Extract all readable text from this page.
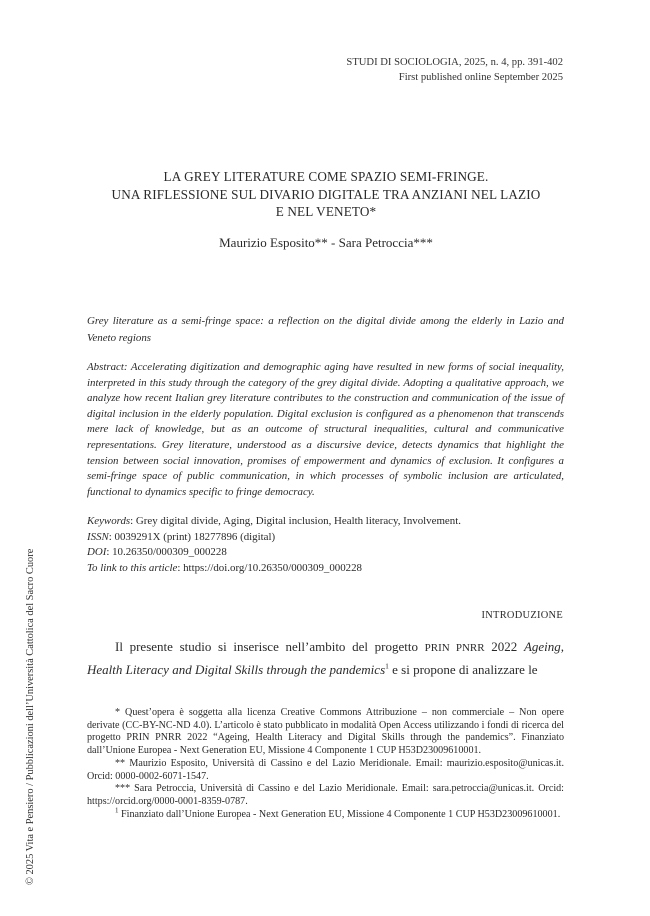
STUDI DI SOCIOLOGIA, 2025, n. 4, pp. 391-402
First published online September 2025
LA GREY LITERATURE COME SPAZIO SEMI-FRINGE.
UNA RIFLESSIONE SUL DIVARIO DIGITALE TRA ANZIANI NEL LAZIO
E NEL VENETO*
Maurizio Esposito** - Sara Petroccia***
Grey literature as a semi-fringe space: a reflection on the digital divide among the elderly in Lazio and Veneto regions
Abstract: Accelerating digitization and demographic aging have resulted in new forms of social inequality, interpreted in this study through the category of the grey digital divide. Adopting a qualitative approach, we analyze how recent Italian grey literature contributes to the construction and communication of the issue of digital inclusion in the elderly population. Digital exclusion is configured as a phenomenon that transcends mere lack of knowledge, but as an outcome of structural inequalities, cultural and communicative representations. Grey literature, understood as a discursive device, detects dynamics that highlight the tension between social innovation, promises of empowerment and dynamics of exclusion. It configures a semi-fringe space of public communication, in which processes of symbolic inclusion are articulated, functional to dynamics specific to fringe democracy.
Keywords: Grey digital divide, Aging, Digital inclusion, Health literacy, Involvement.
ISSN: 0039291X (print) 18277896 (digital)
DOI: 10.26350/000309_000228
To link to this article: https://doi.org/10.26350/000309_000228
INTRODUZIONE
Il presente studio si inserisce nell’ambito del progetto PRIN PNRR 2022 Ageing, Health Literacy and Digital Skills through the pandemics$^1$ e si propone di analizzare le

* Quest’opera è soggetta alla licenza Creative Commons Attribuzione – non commerciale – Non opere derivate (CC-BY-NC-ND 4.0). L’articolo è stato pubblicato in modalità Open Access utilizzando i fondi di ricerca del progetto PRIN PNRR 2022 “Ageing, Health Literacy and Digital Skills through the pandemics”. Finanziato dall’Unione Europea - Next Generation EU, Missione 4 Componente 1 CUP H53D23009610001.

** Maurizio Esposito, Università di Cassino e del Lazio Meridionale. Email: maurizio.esposito@unicas.it. Orcid: 0000-0002-6071-1547.

*** Sara Petroccia, Università di Cassino e del Lazio Meridionale. Email: sara.petroccia@unicas.it. Orcid: https://orcid.org/0000-0001-8359-0787.

$^1$ Finanziato dall’Unione Europea - Next Generation EU, Missione 4 Componente 1 CUP H53D23009610001.

© 2025 Vita e Pensiero / Pubblicazioni dell’Università Cattolica del Sacro Cuore
